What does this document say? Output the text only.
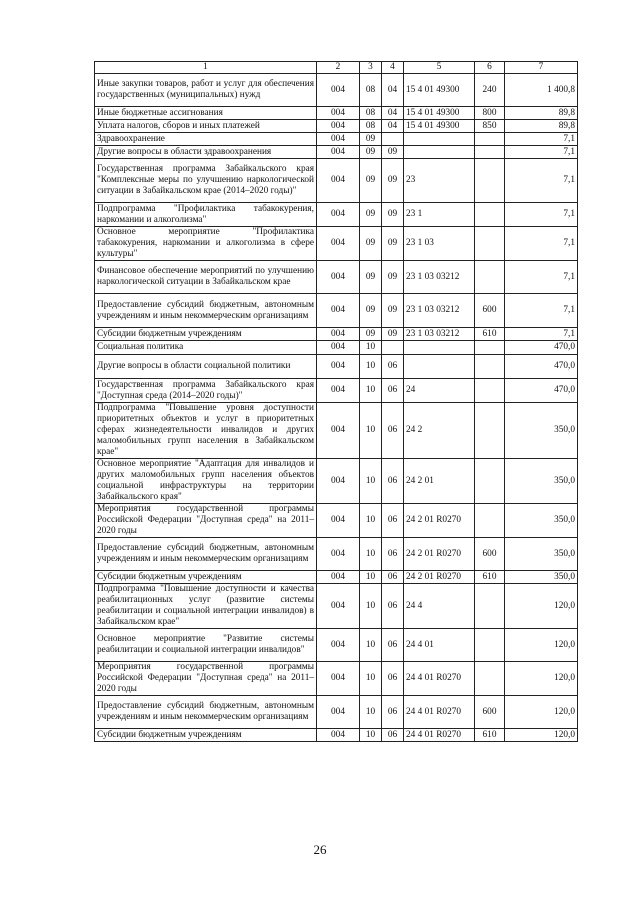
1	2	3	4	5	6	7
Иные закупки товаров, работ и услуг для обеспечения государственных (муниципальных) нужд	004	08	04	15 4 01 49300	240	1 400,8
Иные бюджетные ассигнования	004	08	04	15 4 01 49300	800	89,8
Уплата налогов, сборов и иных платежей	004	08	04	15 4 01 49300	850	89,8
Здравоохранение	004	09				7,1
Другие вопросы в области здравоохранения	004	09	09			7,1
Государственная программа Забайкальского края "Комплексные меры по улучшению наркологической ситуации в Забайкальском крае (2014–2020 годы)"	004	09	09	23		7,1
Подпрограмма "Профилактика табакокурения, наркомании и алкоголизма"	004	09	09	23 1		7,1
Основное мероприятие "Профилактика табакокурения, наркомании и алкоголизма в сфере культуры"	004	09	09	23 1 03		7,1
Финансовое обеспечение мероприятий по улучшению наркологической ситуации в Забайкальском крае	004	09	09	23 1 03 03212		7,1
Предоставление субсидий бюджетным, автономным учреждениям и иным некоммерческим организациям	004	09	09	23 1 03 03212	600	7,1
Субсидии бюджетным учреждениям	004	09	09	23 1 03 03212	610	7,1
Социальная политика	004	10				470,0
Другие вопросы в области социальной политики	004	10	06			470,0
Государственная программа Забайкальского края "Доступная среда (2014–2020 годы)"	004	10	06	24		470,0
Подпрограмма "Повышение уровня доступности приоритетных объектов и услуг в приоритетных сферах жизнедеятельности инвалидов и других маломобильных групп населения в Забайкальском крае"	004	10	06	24 2		350,0
Основное мероприятие "Адаптация для инвалидов и других маломобильных групп населения объектов социальной инфраструктуры на территории Забайкальского края"	004	10	06	24 2 01		350,0
Мероприятия государственной программы Российской Федерации "Доступная среда" на 2011–2020 годы	004	10	06	24 2 01 R0270		350,0
Предоставление субсидий бюджетным, автономным учреждениям и иным некоммерческим организациям	004	10	06	24 2 01 R0270	600	350,0
Субсидии бюджетным учреждениям	004	10	06	24 2 01 R0270	610	350,0
Подпрограмма "Повышение доступности и качества реабилитационных услуг (развитие системы реабилитации и социальной интеграции инвалидов) в Забайкальском крае"	004	10	06	24 4		120,0
Основное мероприятие "Развитие системы реабилитации и социальной интеграции инвалидов"	004	10	06	24 4 01		120,0
Мероприятия государственной программы Российской Федерации "Доступная среда" на 2011–2020 годы	004	10	06	24 4 01 R0270		120,0
Предоставление субсидий бюджетным, автономным учреждениям и иным некоммерческим организациям	004	10	06	24 4 01 R0270	600	120,0
Субсидии бюджетным учреждениям	004	10	06	24 4 01 R0270	610	120,0
26
